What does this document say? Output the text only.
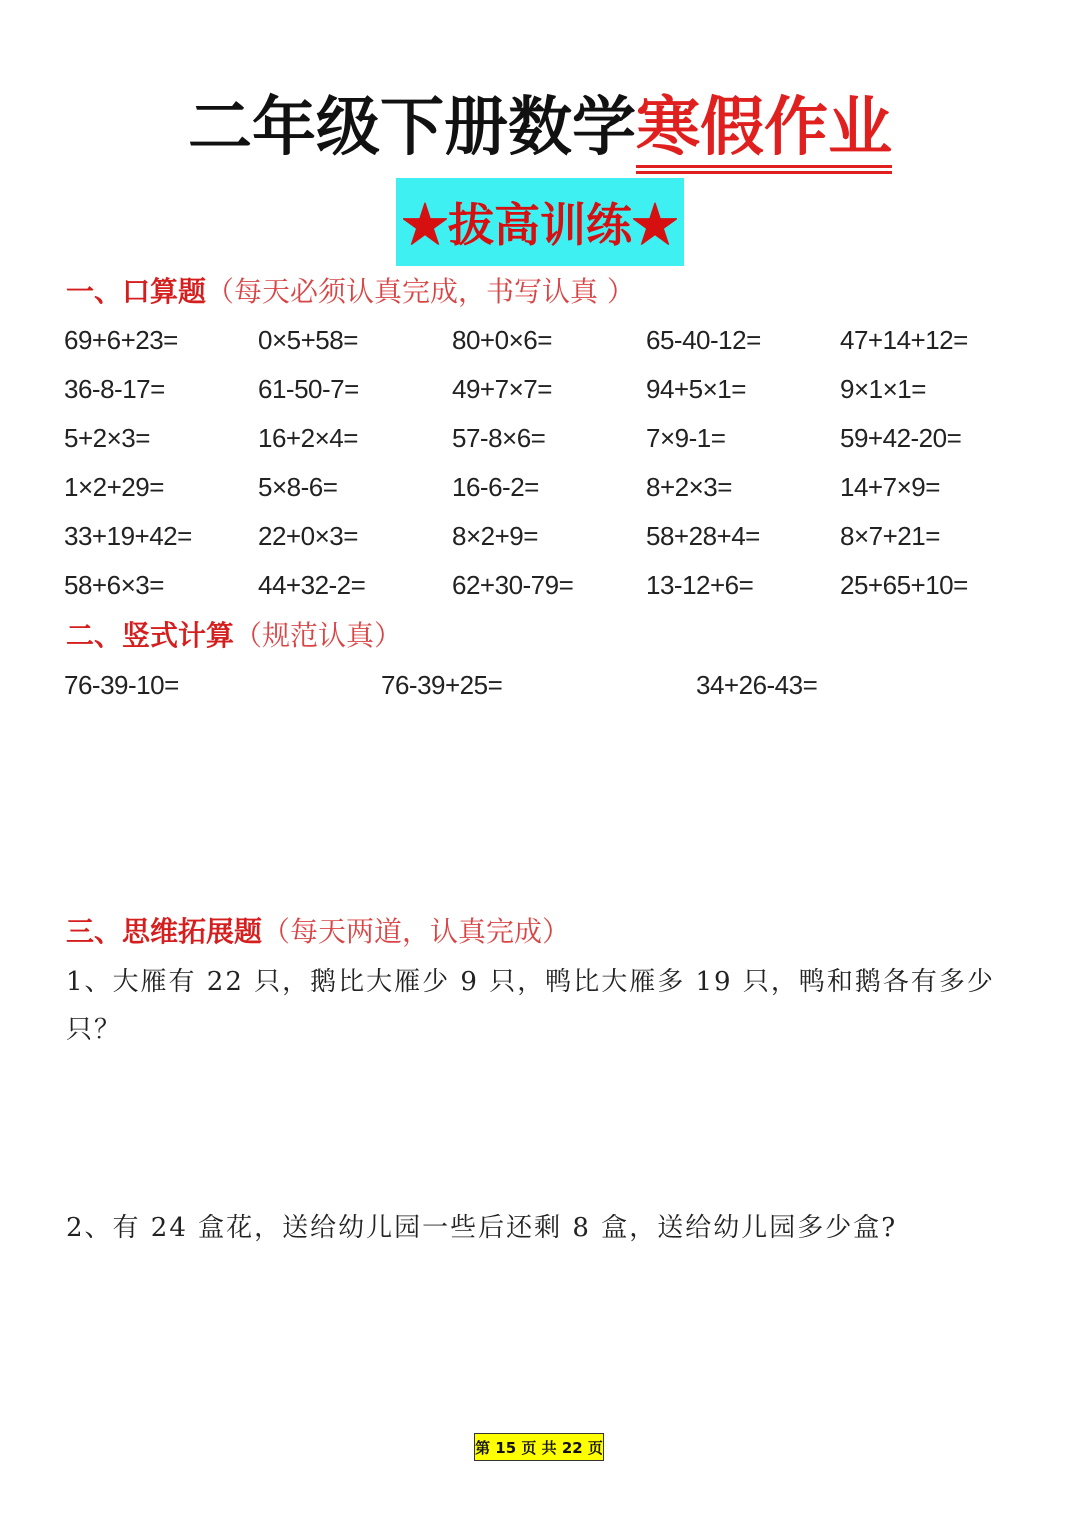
二年级下册数学寒假作业
★拔高训练★
一、口算题（每天必须认真完成，书写认真 ）
69+6+23=	0×5+58=	80+0×6=	65-40-12=	47+14+12=
36-8-17=	61-50-7=	49+7×7=	94+5×1=	9×1×1=
5+2×3=	16+2×4=	57-8×6=	7×9-1=	59+42-20=
1×2+29=	5×8-6=	16-6-2=	8+2×3=	14+7×9=
33+19+42=	22+0×3=	8×2+9=	58+28+4=	8×7+21=
58+6×3=	44+32-2=	62+30-79=	13-12+6=	25+65+10=
二、竖式计算（规范认真）
76-39-10=	76-39+25=	34+26-43=
三、思维拓展题（每天两道，认真完成）
1、大雁有 22 只，鹅比大雁少 9 只，鸭比大雁多 19 只，鸭和鹅各有多少只？
2、有 24 盒花，送给幼儿园一些后还剩 8 盒，送给幼儿园多少盒?
第 15 页 共 22 页
